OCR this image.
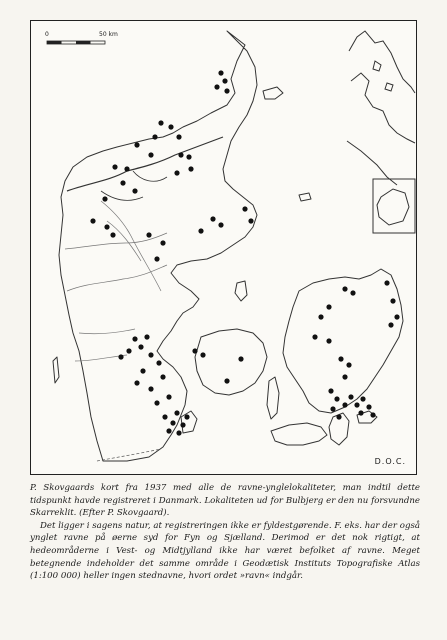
0	50 km
D.O.C.

P. Skovgaards kort fra 1937 med alle de ravne-ynglelokaliteter, man indtil dette tidspunkt havde registreret i Danmark. Lokaliteten ud for Bulbjerg er den nu forsvundne Skarreklit. (Efter P. Skovgaard).

Det ligger i sagens natur, at registreringen ikke er fyldestgørende. F. eks. har der også ynglet ravne på øerne syd for Fyn og Sjælland. Derimod er det nok rigtigt, at hedeområderne i Vest- og Midtjylland ikke har været befolket af ravne. Meget betegnende indeholder det samme område i Geodætisk Instituts Topografiske Atlas (1:100 000) heller ingen stednavne, hvori ordet »ravn« indgår.
